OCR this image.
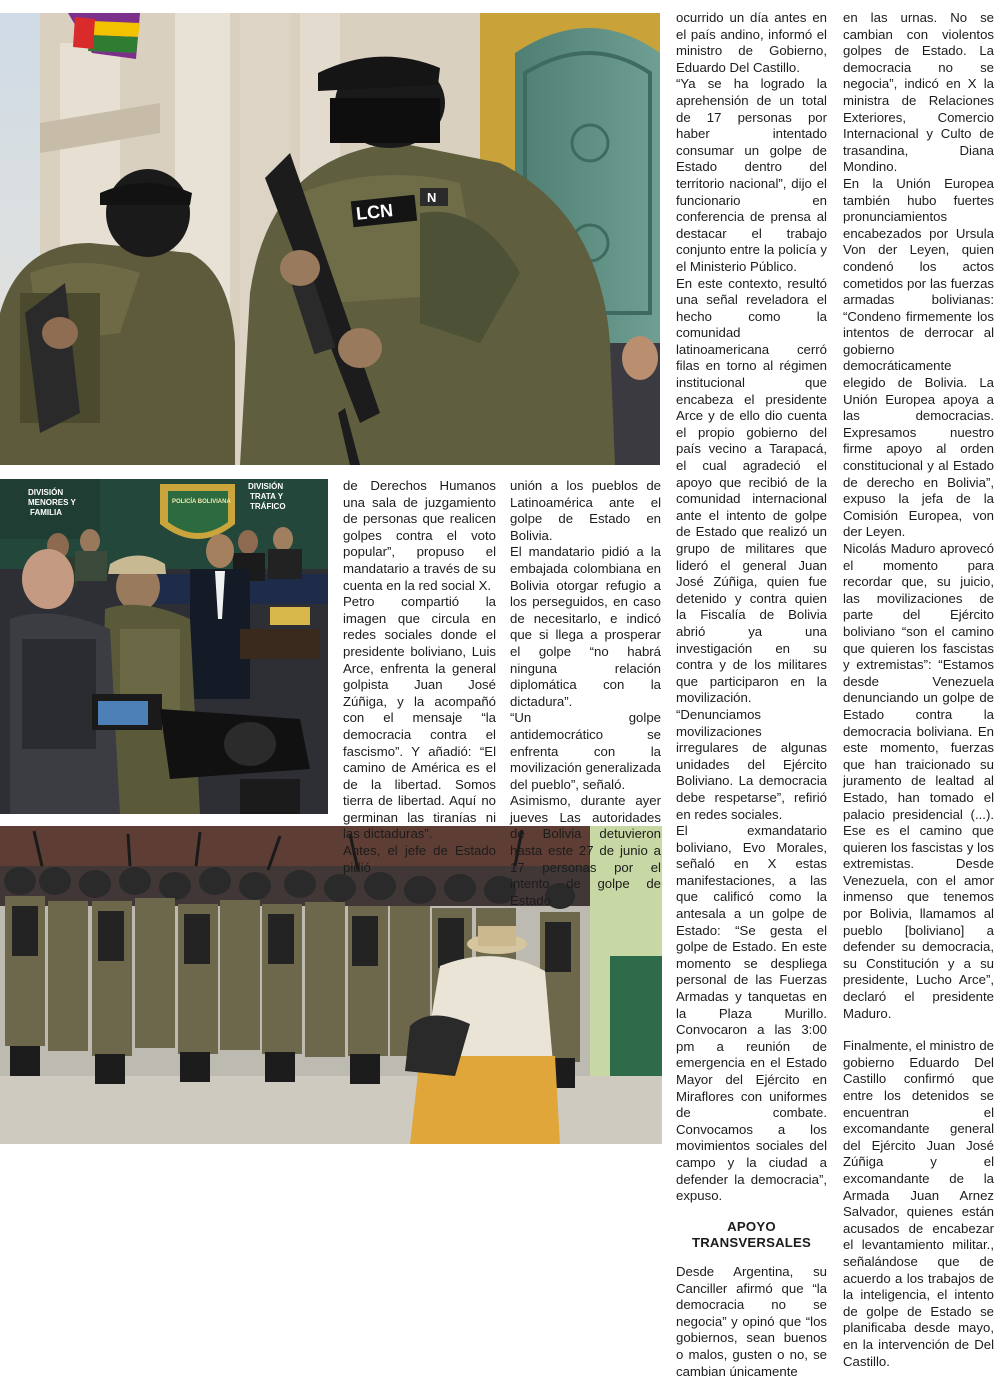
LCN
N
DIVISIÓN
MENORES Y
FAMILIA
DIVISIÓN
TRATA Y
TRÁFICO
POLICÍA BOLIVIANA

de Derechos Humanos una sala de juzgamiento de personas que realicen golpes contra el voto popular”, propuso el mandatario a través de su cuenta en la red social X.

Petro compartió la imagen que circula en redes sociales donde el presidente boliviano, Luis Arce, enfrenta la general golpista Juan José Zúñiga, y la acompañó con el mensaje “la democracia contra el fascismo”. Y añadió: “El camino de América es el de la libertad. Somos tierra de libertad. Aquí no germinan las tiranías ni las dictaduras”.

Antes, el jefe de Estado pidió

unión a los pueblos de Latinoamérica ante el golpe de Estado en Bolivia.

El mandatario pidió a la embajada colombiana en Bolivia otorgar refugio a los perseguidos, en caso de necesitarlo, e indicó que si llega a prosperar el golpe “no habrá ninguna relación diplomática con la dictadura”.

“Un golpe antidemocrático se enfrenta con la movilización generalizada del pueblo”, señaló.

Asimismo, durante ayer jueves Las autoridades de Bolivia detuvieron hasta este 27 de junio a 17 personas por el intento de golpe de Estado

ocurrido un día antes en el país andino, informó el ministro de Gobierno, Eduardo Del Castillo.

“Ya se ha logrado la aprehensión de un total de 17 personas por haber intentado consumar un golpe de Estado dentro del territorio nacional”, dijo el funcionario en conferencia de prensa al destacar el trabajo conjunto entre la policía y el Ministerio Público.

En este contexto, resultó una señal reveladora el hecho como la comunidad latinoamericana cerró filas en torno al régimen institucional que encabeza el presidente Arce y de ello dio cuenta el propio gobierno del país vecino a Tarapacá, el cual agradeció el apoyo que recibió de la comunidad internacional ante el intento de golpe de Estado que realizó un grupo de militares que lideró el general Juan José Zúñiga, quien fue detenido y contra quien la Fiscalía de Bolivia abrió ya una investigación en su contra y de los militares que participaron en la movilización.

“Denunciamos movilizaciones irregulares de algunas unidades del Ejército Boliviano. La democracia debe respetarse”, refirió en redes sociales.

El exmandatario boliviano, Evo Morales, señaló en X estas manifestaciones, a las que calificó como la antesala a un golpe de Estado: “Se gesta el golpe de Estado. En este momento se despliega personal de las Fuerzas Armadas y tanquetas en la Plaza Murillo. Convocaron a las 3:00 pm a reunión de emergencia en el Estado Mayor del Ejército en Miraflores con uniformes de combate. Convocamos a los movimientos sociales del campo y la ciudad a defender la democracia”, expuso.

APOYO TRANSVERSALES

Desde Argentina, su Canciller afirmó que “la democracia no se negocia” y opinó que “los gobiernos, sean buenos o malos, gusten o no, se cambian únicamente

en las urnas. No se cambian con violentos golpes de Estado. La democracia no se negocia”, indicó en X la ministra de Relaciones Exteriores, Comercio Internacional y Culto de trasandina, Diana Mondino.

En la Unión Europea también hubo fuertes pronunciamientos encabezados por Ursula Von der Leyen, quien condenó los actos cometidos por las fuerzas armadas bolivianas: “Condeno firmemente los intentos de derrocar al gobierno democráticamente elegido de Bolivia. La Unión Europea apoya a las democracias. Expresamos nuestro firme apoyo al orden constitucional y al Estado de derecho en Bolivia”, expuso la jefa de la Comisión Europea, von der Leyen.

Nicolás Maduro aprovecó el momento para recordar que, su juicio, las movilizaciones de parte del Ejército boliviano “son el camino que quieren los fascistas y extremistas”: “Estamos desde Venezuela denunciando un golpe de Estado contra la democracia boliviana. En este momento, fuerzas que han traicionado su juramento de lealtad al Estado, han tomado el palacio presidencial (...). Ese es el camino que quieren los fascistas y los extremistas. Desde Venezuela, con el amor inmenso que tenemos por Bolivia, llamamos al pueblo [boliviano] a defender su democracia, su Constitución y a su presidente, Lucho Arce”, declaró el presidente Maduro.

Finalmente, el ministro de gobierno Eduardo Del Castillo confirmó que entre los detenidos se encuentran el excomandante general del Ejército Juan José Zúñiga y el excomandante de la Armada Juan Arnez Salvador, quienes están acusados de encabezar el levantamiento militar., señalándose que de acuerdo a los trabajos de la inteligencia, el intento de golpe de Estado se planificaba desde mayo, en la intervención de Del Castillo.
